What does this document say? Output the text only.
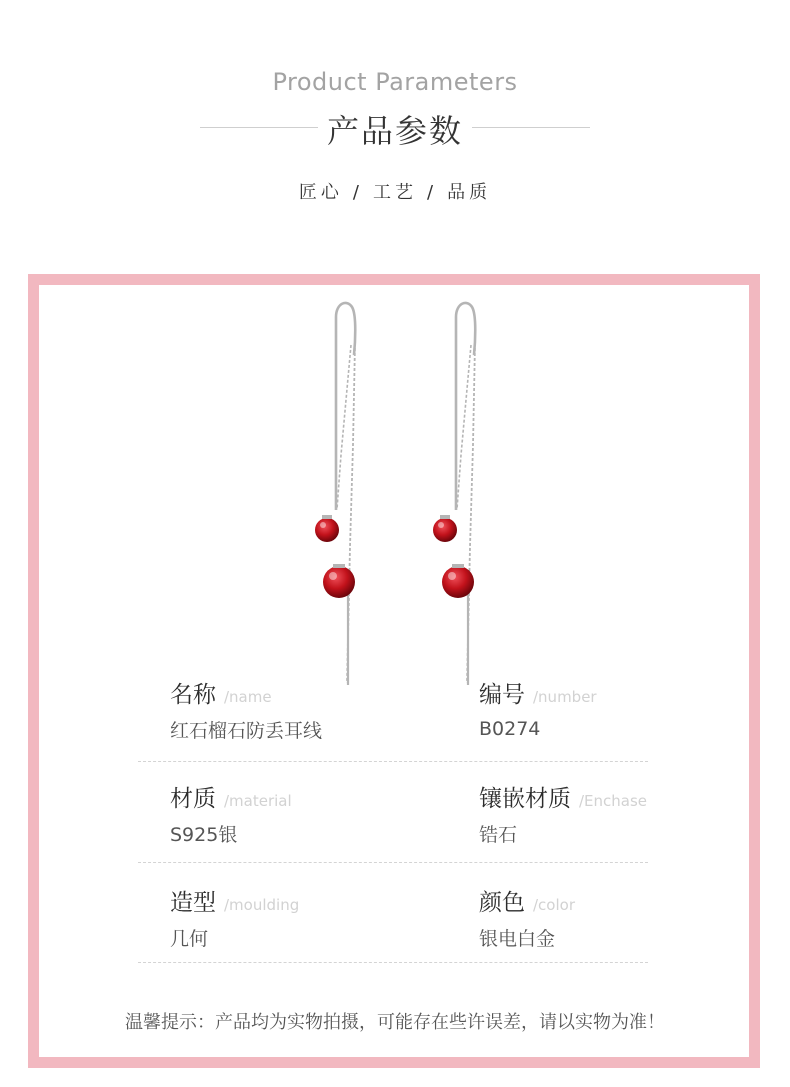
Product Parameters
产品参数
匠心 / 工艺 / 品质
名称 /name
红石榴石防丢耳线
编号 /number
B0274
材质 /material
S925银
镶嵌材质 /Enchase
锆石
造型 /moulding
几何
颜色 /color
银电白金
温馨提示：产品均为实物拍摄，可能存在些许误差，请以实物为准！
